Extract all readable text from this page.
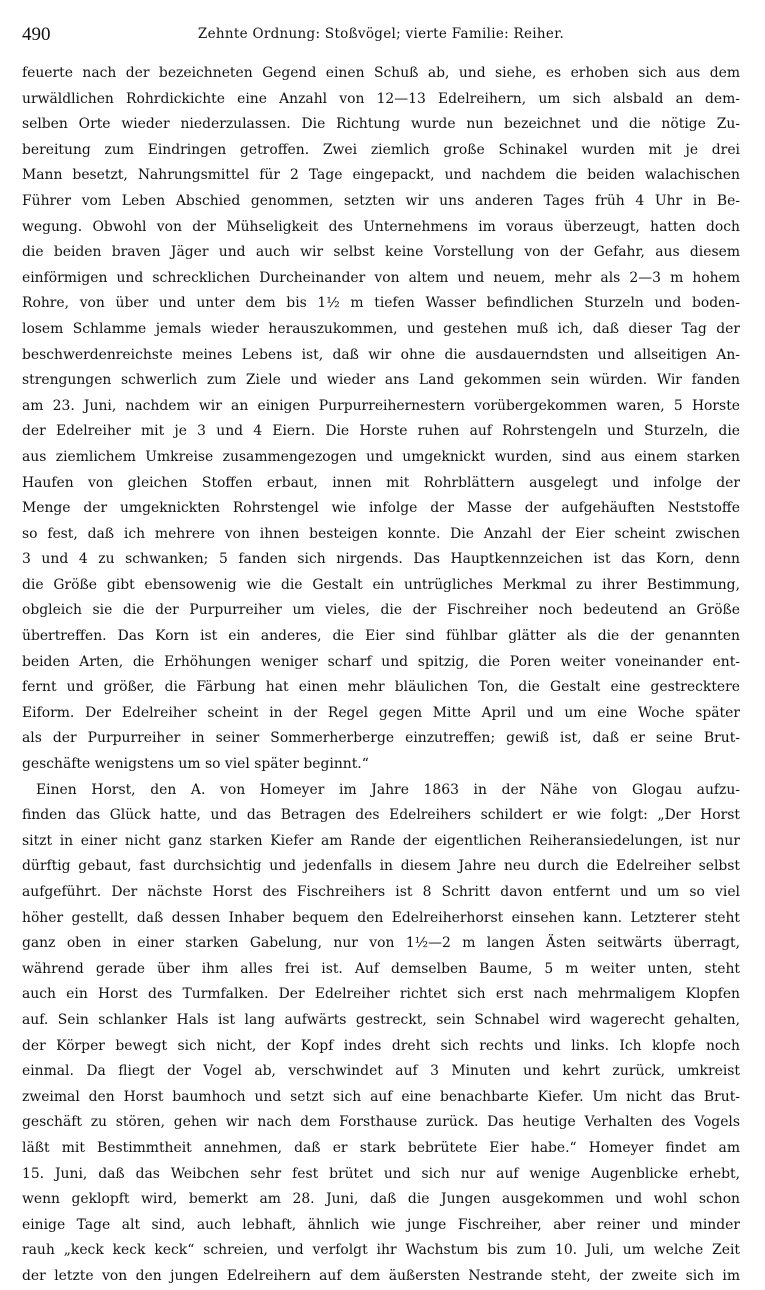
490	Zehnte Ordnung: Stoßvögel; vierte Familie: Reiher.
feuerte nach der bezeichneten Gegend einen Schuß ab, und siehe, es erhoben sich aus dem
urwäldlichen Rohrdickichte eine Anzahl von 12—13 Edelreihern, um sich alsbald an dem-
selben Orte wieder niederzulassen. Die Richtung wurde nun bezeichnet und die nötige Zu-
bereitung zum Eindringen getroffen. Zwei ziemlich große Schinakel wurden mit je drei
Mann besetzt, Nahrungsmittel für 2 Tage eingepackt, und nachdem die beiden walachischen
Führer vom Leben Abschied genommen, setzten wir uns anderen Tages früh 4 Uhr in Be-
wegung. Obwohl von der Mühseligkeit des Unternehmens im voraus überzeugt, hatten doch
die beiden braven Jäger und auch wir selbst keine Vorstellung von der Gefahr, aus diesem
einförmigen und schrecklichen Durcheinander von altem und neuem, mehr als 2—3 m hohem
Rohre, von über und unter dem bis 1½ m tiefen Wasser befindlichen Sturzeln und boden-
losem Schlamme jemals wieder herauszukommen, und gestehen muß ich, daß dieser Tag der
beschwerdenreichste meines Lebens ist, daß wir ohne die ausdauerndsten und allseitigen An-
strengungen schwerlich zum Ziele und wieder ans Land gekommen sein würden. Wir fanden
am 23. Juni, nachdem wir an einigen Purpurreihernestern vorübergekommen waren, 5 Horste
der Edelreiher mit je 3 und 4 Eiern. Die Horste ruhen auf Rohrstengeln und Sturzeln, die
aus ziemlichem Umkreise zusammengezogen und umgeknickt wurden, sind aus einem starken
Haufen von gleichen Stoffen erbaut, innen mit Rohrblättern ausgelegt und infolge der
Menge der umgeknickten Rohrstengel wie infolge der Masse der aufgehäuften Neststoffe
so fest, daß ich mehrere von ihnen besteigen konnte. Die Anzahl der Eier scheint zwischen
3 und 4 zu schwanken; 5 fanden sich nirgends. Das Hauptkennzeichen ist das Korn, denn
die Größe gibt ebensowenig wie die Gestalt ein untrügliches Merkmal zu ihrer Bestimmung,
obgleich sie die der Purpurreiher um vieles, die der Fischreiher noch bedeutend an Größe
übertreffen. Das Korn ist ein anderes, die Eier sind fühlbar glätter als die der genannten
beiden Arten, die Erhöhungen weniger scharf und spitzig, die Poren weiter voneinander ent-
fernt und größer, die Färbung hat einen mehr bläulichen Ton, die Gestalt eine gestrecktere
Eiform. Der Edelreiher scheint in der Regel gegen Mitte April und um eine Woche später
als der Purpurreiher in seiner Sommerherberge einzutreffen; gewiß ist, daß er seine Brut-
geschäfte wenigstens um so viel später beginnt.“
Einen Horst, den A. von Homeyer im Jahre 1863 in der Nähe von Glogau aufzu-
finden das Glück hatte, und das Betragen des Edelreihers schildert er wie folgt: „Der Horst
sitzt in einer nicht ganz starken Kiefer am Rande der eigentlichen Reiheransiedelungen, ist nur
dürftig gebaut, fast durchsichtig und jedenfalls in diesem Jahre neu durch die Edelreiher selbst
aufgeführt. Der nächste Horst des Fischreihers ist 8 Schritt davon entfernt und um so viel
höher gestellt, daß dessen Inhaber bequem den Edelreiherhorst einsehen kann. Letzterer steht
ganz oben in einer starken Gabelung, nur von 1½—2 m langen Ästen seitwärts überragt,
während gerade über ihm alles frei ist. Auf demselben Baume, 5 m weiter unten, steht
auch ein Horst des Turmfalken. Der Edelreiher richtet sich erst nach mehrmaligem Klopfen
auf. Sein schlanker Hals ist lang aufwärts gestreckt, sein Schnabel wird wagerecht gehalten,
der Körper bewegt sich nicht, der Kopf indes dreht sich rechts und links. Ich klopfe noch
einmal. Da fliegt der Vogel ab, verschwindet auf 3 Minuten und kehrt zurück, umkreist
zweimal den Horst baumhoch und setzt sich auf eine benachbarte Kiefer. Um nicht das Brut-
geschäft zu stören, gehen wir nach dem Forsthause zurück. Das heutige Verhalten des Vogels
läßt mit Bestimmtheit annehmen, daß er stark bebrütete Eier habe.“ Homeyer findet am
15. Juni, daß das Weibchen sehr fest brütet und sich nur auf wenige Augenblicke erhebt,
wenn geklopft wird, bemerkt am 28. Juni, daß die Jungen ausgekommen und wohl schon
einige Tage alt sind, auch lebhaft, ähnlich wie junge Fischreiher, aber reiner und minder
rauh „keck keck keck“ schreien, und verfolgt ihr Wachstum bis zum 10. Juli, um welche Zeit
der letzte von den jungen Edelreihern auf dem äußersten Nestrande steht, der zweite sich im
